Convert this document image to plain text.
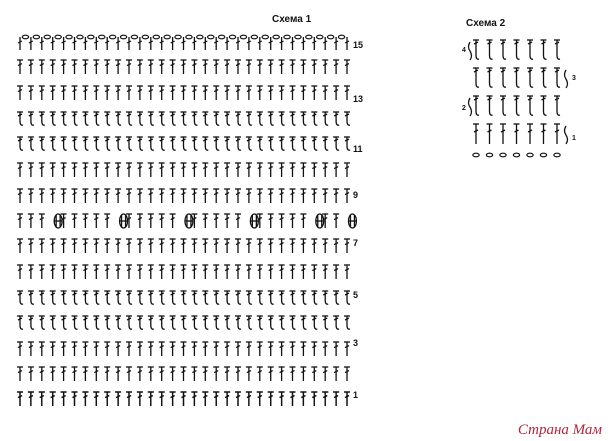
Схема 1
15
13
11
9
7
5
3
1
Схема 2
4
3
2
1
Страна Мам
